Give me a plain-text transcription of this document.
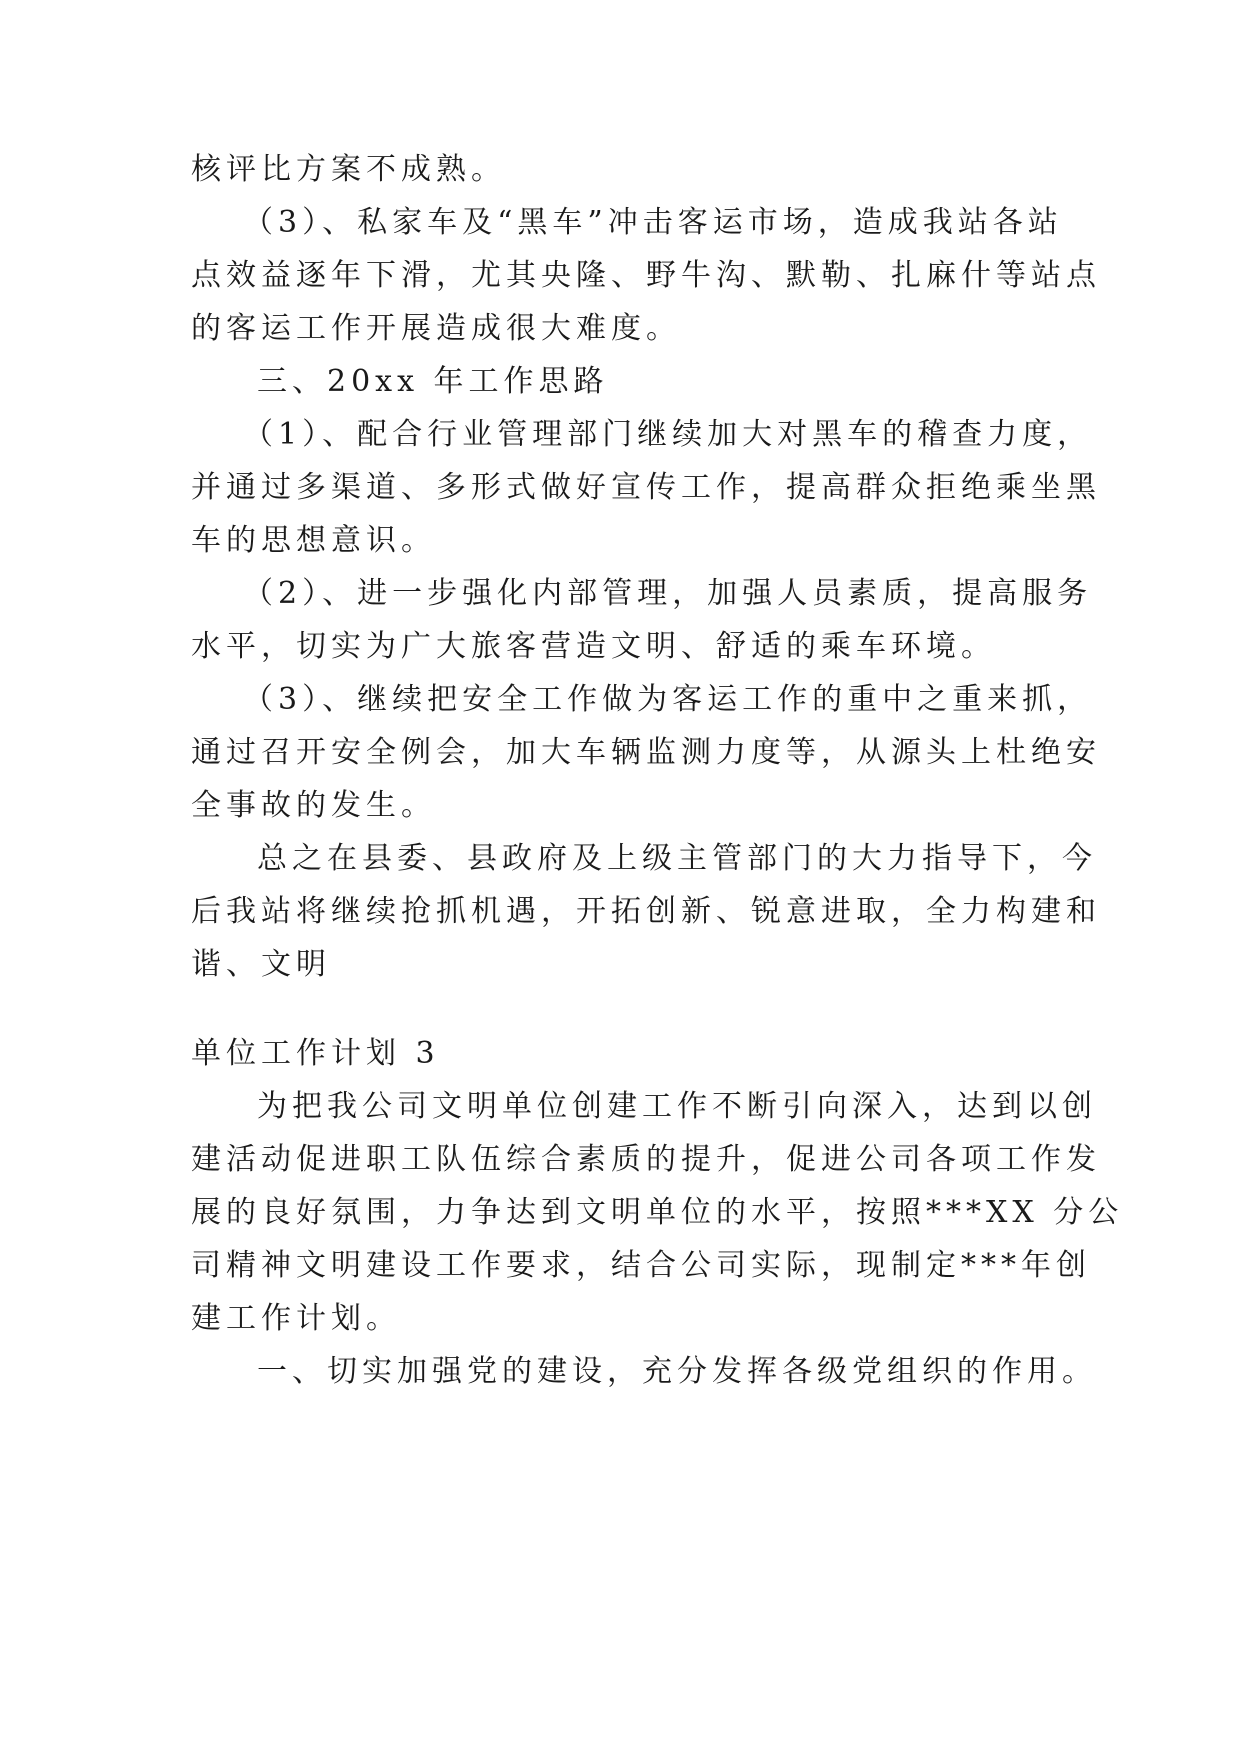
核评比方案不成熟。
（3）、私家车及“黑车”冲击客运市场，造成我站各站
点效益逐年下滑，尤其央隆、野牛沟、默勒、扎麻什等站点
的客运工作开展造成很大难度。
三、20xx 年工作思路
（1）、配合行业管理部门继续加大对黑车的稽查力度，
并通过多渠道、多形式做好宣传工作，提高群众拒绝乘坐黑
车的思想意识。
（2）、进一步强化内部管理，加强人员素质，提高服务
水平，切实为广大旅客营造文明、舒适的乘车环境。
（3）、继续把安全工作做为客运工作的重中之重来抓，
通过召开安全例会，加大车辆监测力度等，从源头上杜绝安
全事故的发生。
总之在县委、县政府及上级主管部门的大力指导下，今
后我站将继续抢抓机遇，开拓创新、锐意进取，全力构建和
谐、文明
单位工作计划 3
为把我公司文明单位创建工作不断引向深入，达到以创
建活动促进职工队伍综合素质的提升，促进公司各项工作发
展的良好氛围，力争达到文明单位的水平，按照***XX 分公
司精神文明建设工作要求，结合公司实际，现制定***年创
建工作计划。
一、切实加强党的建设，充分发挥各级党组织的作用。
